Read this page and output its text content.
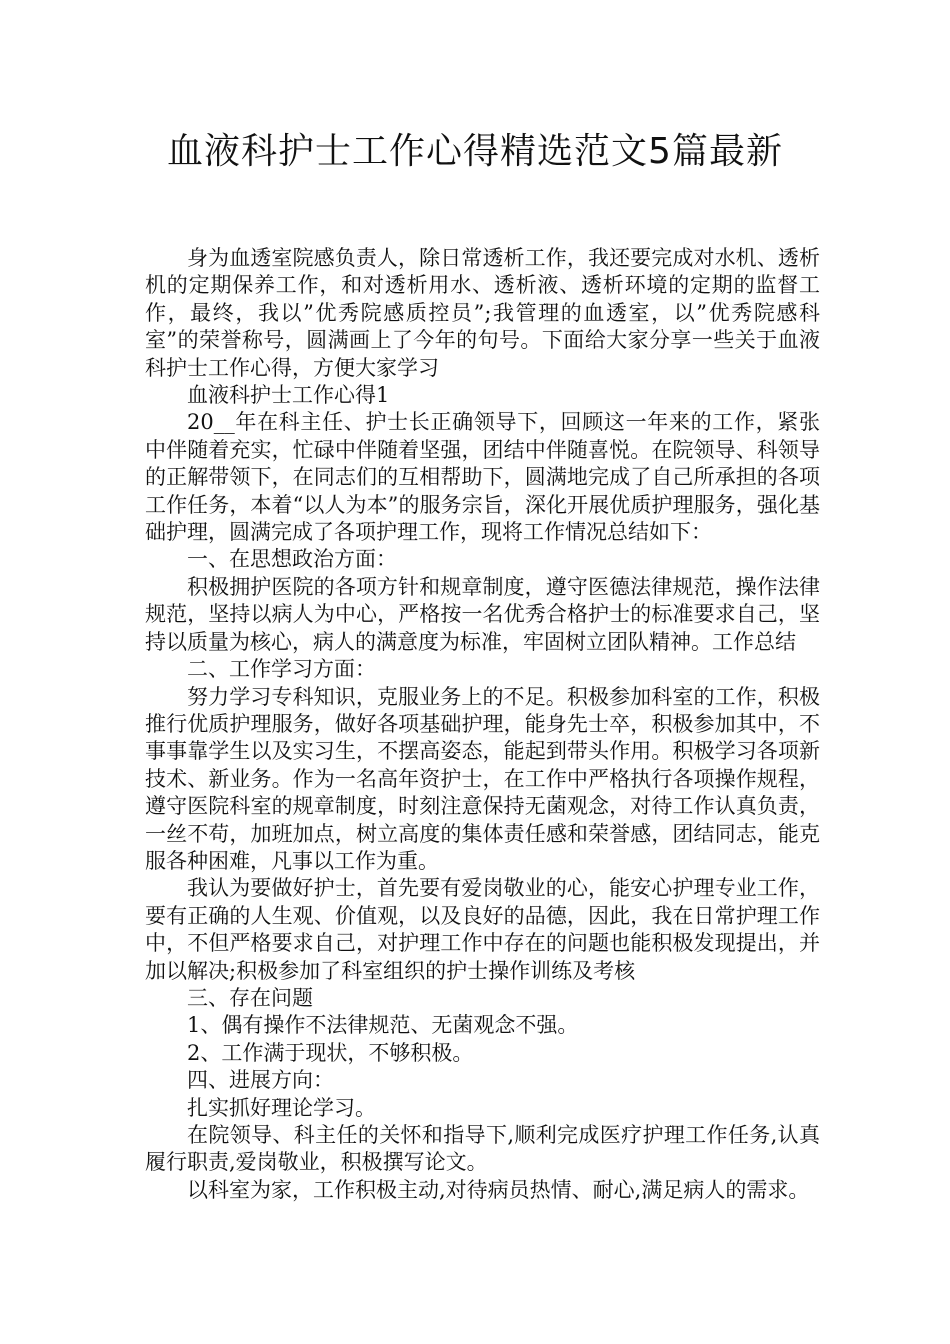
血液科护士工作心得精选范文5篇最新

身为血透室院感负责人，除日常透析工作，我还要完成对水机、透析机的定期保养工作，和对透析用水、透析液、透析环境的定期的监督工作，最终，我以”优秀院感质控员”;我管理的血透室，以”优秀院感科室”的荣誉称号，圆满画上了今年的句号。下面给大家分享一些关于血液科护士工作心得，方便大家学习

血液科护士工作心得1

20__年在科主任、护士长正确领导下，回顾这一年来的工作，紧张中伴随着充实，忙碌中伴随着坚强，团结中伴随喜悦。在院领导、科领导的正解带领下，在同志们的互相帮助下，圆满地完成了自己所承担的各项工作任务，本着“以人为本”的服务宗旨，深化开展优质护理服务，强化基础护理，圆满完成了各项护理工作，现将工作情况总结如下：

一、在思想政治方面：

积极拥护医院的各项方针和规章制度，遵守医德法律规范，操作法律规范，坚持以病人为中心，严格按一名优秀合格护士的标准要求自己，坚持以质量为核心，病人的满意度为标准，牢固树立团队精神。工作总结

二、工作学习方面：

努力学习专科知识，克服业务上的不足。积极参加科室的工作，积极推行优质护理服务，做好各项基础护理，能身先士卒，积极参加其中，不事事靠学生以及实习生，不摆高姿态，能起到带头作用。积极学习各项新技术、新业务。作为一名高年资护士，在工作中严格执行各项操作规程，遵守医院科室的规章制度，时刻注意保持无菌观念，对待工作认真负责，一丝不苟，加班加点，树立高度的集体责任感和荣誉感，团结同志，能克服各种困难，凡事以工作为重。

我认为要做好护士，首先要有爱岗敬业的心，能安心护理专业工作，要有正确的人生观、价值观，以及良好的品德，因此，我在日常护理工作中，不但严格要求自己，对护理工作中存在的问题也能积极发现提出，并加以解决;积极参加了科室组织的护士操作训练及考核

三、存在问题

1、偶有操作不法律规范、无菌观念不强。

2、工作满于现状，不够积极。

四、进展方向：

扎实抓好理论学习。

在院领导、科主任的关怀和指导下,顺利完成医疗护理工作任务,认真履行职责,爱岗敬业，积极撰写论文。

以科室为家，工作积极主动,对待病员热情、耐心,满足病人的需求。
